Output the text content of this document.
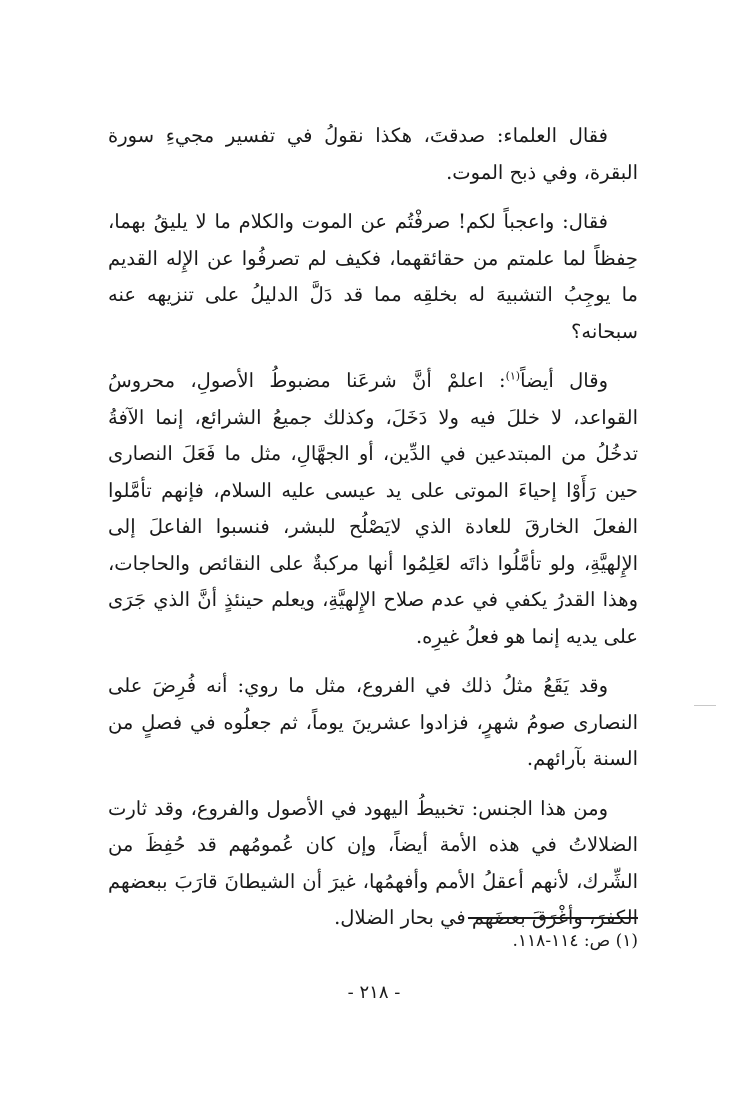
فقال العلماء: صدقتَ، هكذا نقولُ في تفسير مجيءِ سورة البقرة، وفي ذبح الموت.

فقال: واعجباً لكم! صرفْتُم عن الموت والكلام ما لا يليقُ بهما، حِفظاً لما علمتم من حقائقهما، فكيف لم تصرفُوا عن الإِله القديم ما يوجِبُ التشبيهَ له بخلقِه مما قد دَلَّ الدليلُ على تنزيهه عنه سبحانه؟

وقال أيضاً$^{(١)}$: اعلمْ أنَّ شرعَنا مضبوطُ الأصولِ، محروسُ القواعد، لا خللَ فيه ولا دَخَلَ، وكذلك جميعُ الشرائع، إنما الآفةُ تدخُلُ من المبتدعين في الدِّين، أو الجهَّالِ، مثل ما فَعَلَ النصارى حين رَأَوْا إحياءَ الموتى على يد عيسى عليه السلام، فإنهم تأمَّلوا الفعلَ الخارقَ للعادة الذي لايَصْلُح للبشر، فنسبوا الفاعلَ إلى الإِلهيَّةِ، ولو تأمَّلُوا ذاتَه لعَلِمُوا أنها مركبةٌ على النقائص والحاجات، وهذا القدرُ يكفي في عدم صلاح الإِلهيَّةِ، ويعلم حينئذٍ أنَّ الذي جَرَى على يديه إنما هو فعلُ غيرِه.

وقد يَقَعُ مثلُ ذلك في الفروع، مثل ما روي: أنه فُرِضَ على النصارى صومُ شهرٍ، فزادوا عشرينَ يوماً، ثم جعلُوه في فصلٍ من السنة بآرائهم.

ومن هذا الجنس: تخبيطُ اليهود في الأصول والفروع، وقد ثارت الضلالاتُ في هذه الأمة أيضاً، وإن كان عُمومُهم قد حُفِظَ من الشِّرك، لأنهم أعقلُ الأمم وأفهمُها، غيرَ أن الشيطانَ قارَبَ ببعضهم الكفرَ، وأغْرَقَ بعضَهم في بحار الضلال.

(١) ص: ١١٤-١١٨.
- ٢١٨ -
